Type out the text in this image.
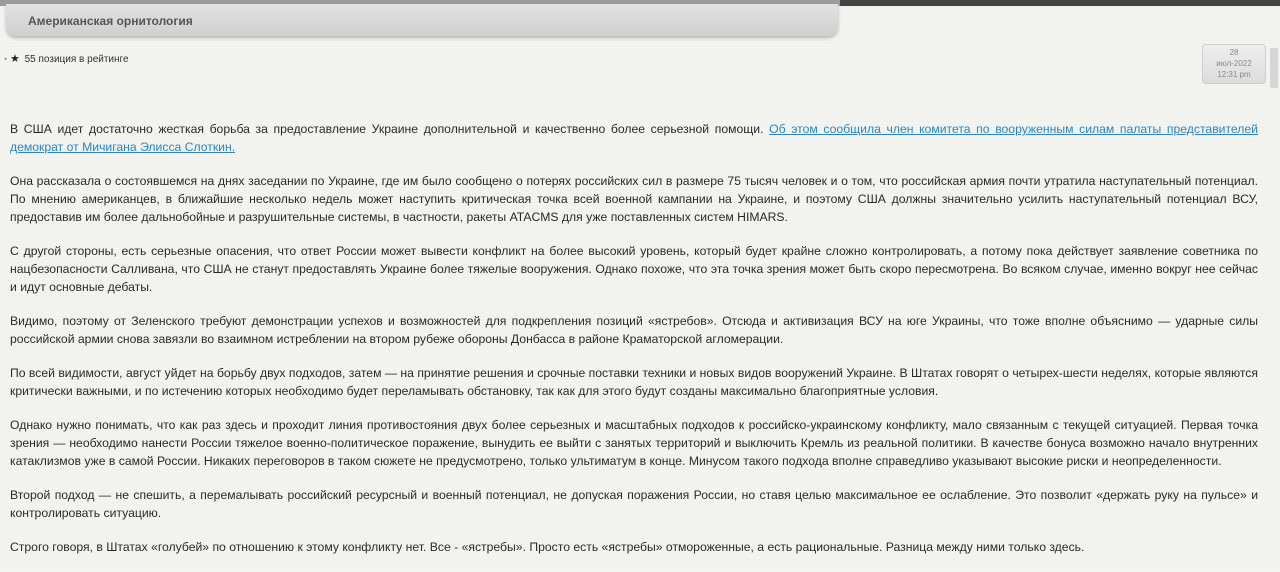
Американская орнитология
• ★ 55 позиция в рейтинге
28
июл-2022
12:31 pm

В США идет достаточно жесткая борьба за предоставление Украине дополнительной и качественно более серьезной помощи. Об этом сообщила член комитета по вооруженным силам палаты представителей демократ от Мичигана Элисса Слоткин.

Она рассказала о состоявшемся на днях заседании по Украине, где им было сообщено о потерях российских сил в размере 75 тысяч человек и о том, что российская армия почти утратила наступательный потенциал. По мнению американцев, в ближайшие несколько недель может наступить критическая точка всей военной кампании на Украине, и поэтому США должны значительно усилить наступательный потенциал ВСУ, предоставив им более дальнобойные и разрушительные системы, в частности, ракеты ATACMS для уже поставленных систем HIMARS.

С другой стороны, есть серьезные опасения, что ответ России может вывести конфликт на более высокий уровень, который будет крайне сложно контролировать, а потому пока действует заявление советника по нацбезопасности Салливана, что США не станут предоставлять Украине более тяжелые вооружения. Однако похоже, что эта точка зрения может быть скоро пересмотрена. Во всяком случае, именно вокруг нее сейчас и идут основные дебаты.

Видимо, поэтому от Зеленского требуют демонстрации успехов и возможностей для подкрепления позиций «ястребов». Отсюда и активизация ВСУ на юге Украины, что тоже вполне объяснимо — ударные силы российской армии снова завязли во взаимном истреблении на втором рубеже обороны Донбасса в районе Краматорской агломерации.

По всей видимости, август уйдет на борьбу двух подходов, затем — на принятие решения и срочные поставки техники и новых видов вооружений Украине. В Штатах говорят о четырех-шести неделях, которые являются критически важными, и по истечению которых необходимо будет переламывать обстановку, так как для этого будут созданы максимально благоприятные условия.

Однако нужно понимать, что как раз здесь и проходит линия противостояния двух более серьезных и масштабных подходов к российско-украинскому конфликту, мало связанным с текущей ситуацией. Первая точка зрения — необходимо нанести России тяжелое военно-политическое поражение, вынудить ее выйти с занятых территорий и выключить Кремль из реальной политики. В качестве бонуса возможно начало внутренних катаклизмов уже в самой России. Никаких переговоров в таком сюжете не предусмотрено, только ультиматум в конце. Минусом такого подхода вполне справедливо указывают высокие риски и неопределенности.

Второй подход — не спешить, а перемалывать российский ресурсный и военный потенциал, не допуская поражения России, но ставя целью максимальное ее ослабление. Это позволит «держать руку на пульсе» и контролировать ситуацию.

Строго говоря, в Штатах «голубей» по отношению к этому конфликту нет. Все - «ястребы». Просто есть «ястребы» отмороженные, а есть рациональные. Разница между ними только здесь.
